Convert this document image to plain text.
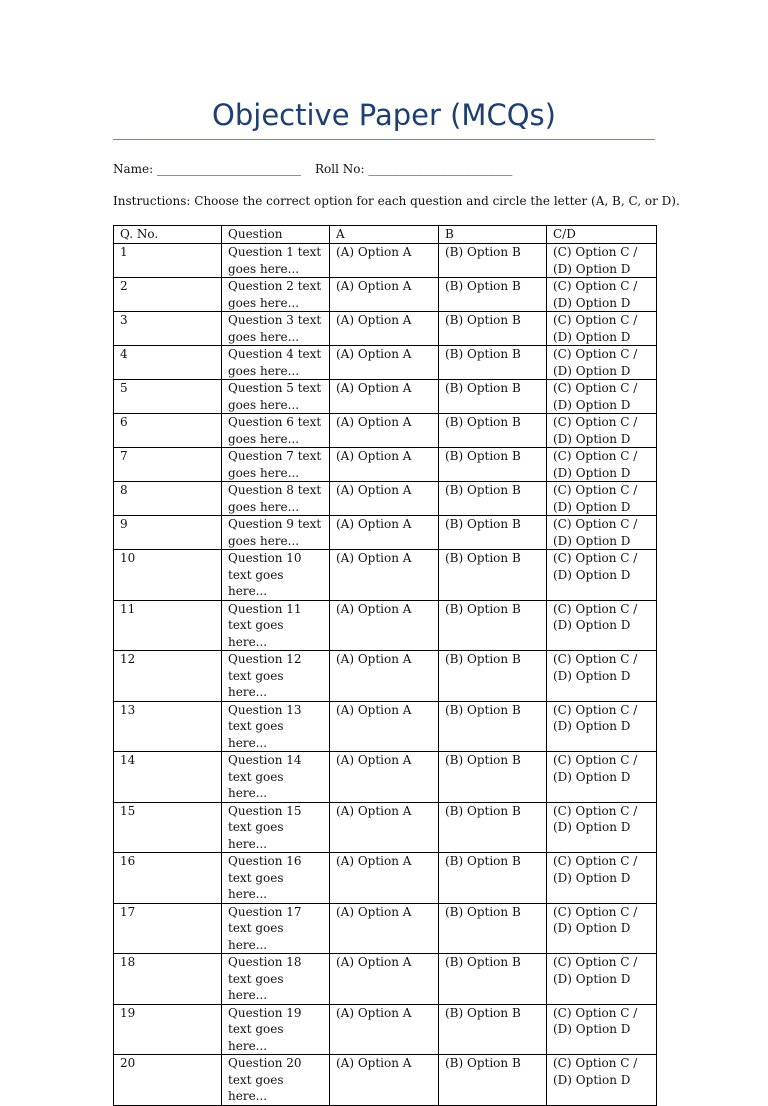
Objective Paper (MCQs)
Name: ________________________ Roll No: ________________________
Instructions: Choose the correct option for each question and circle the letter (A, B, C, or D).
Q. No.	Question	A	B	C/D
1	Question 1 text goes here...	(A) Option A	(B) Option B	(C) Option C / (D) Option D
2	Question 2 text goes here...	(A) Option A	(B) Option B	(C) Option C / (D) Option D
3	Question 3 text goes here...	(A) Option A	(B) Option B	(C) Option C / (D) Option D
4	Question 4 text goes here...	(A) Option A	(B) Option B	(C) Option C / (D) Option D
5	Question 5 text goes here...	(A) Option A	(B) Option B	(C) Option C / (D) Option D
6	Question 6 text goes here...	(A) Option A	(B) Option B	(C) Option C / (D) Option D
7	Question 7 text goes here...	(A) Option A	(B) Option B	(C) Option C / (D) Option D
8	Question 8 text goes here...	(A) Option A	(B) Option B	(C) Option C / (D) Option D
9	Question 9 text goes here...	(A) Option A	(B) Option B	(C) Option C / (D) Option D
10	Question 10 text goes here...	(A) Option A	(B) Option B	(C) Option C / (D) Option D
11	Question 11 text goes here...	(A) Option A	(B) Option B	(C) Option C / (D) Option D
12	Question 12 text goes here...	(A) Option A	(B) Option B	(C) Option C / (D) Option D
13	Question 13 text goes here...	(A) Option A	(B) Option B	(C) Option C / (D) Option D
14	Question 14 text goes here...	(A) Option A	(B) Option B	(C) Option C / (D) Option D
15	Question 15 text goes here...	(A) Option A	(B) Option B	(C) Option C / (D) Option D
16	Question 16 text goes here...	(A) Option A	(B) Option B	(C) Option C / (D) Option D
17	Question 17 text goes here...	(A) Option A	(B) Option B	(C) Option C / (D) Option D
18	Question 18 text goes here...	(A) Option A	(B) Option B	(C) Option C / (D) Option D
19	Question 19 text goes here...	(A) Option A	(B) Option B	(C) Option C / (D) Option D
20	Question 20 text goes here...	(A) Option A	(B) Option B	(C) Option C / (D) Option D
